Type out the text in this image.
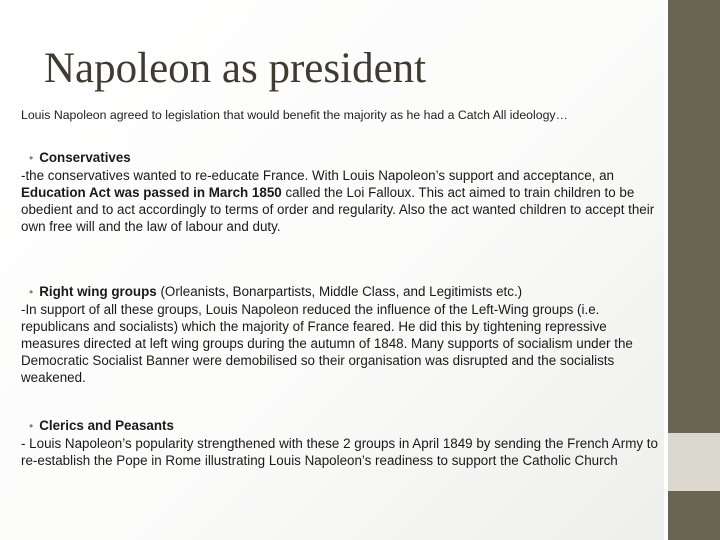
Napoleon as president

Louis Napoleon agreed to legislation that would benefit the majority as he had a Catch All ideology…

• Conservatives

-the conservatives wanted to re-educate France. With Louis Napoleon’s support and acceptance, an Education Act was passed in March 1850 called the Loi Falloux. This act aimed to train children to be obedient and to act accordingly to terms of order and regularity. Also the act wanted children to accept their own free will and the law of labour and duty.

• Right wing groups (Orleanists, Bonarpartists, Middle Class, and Legitimists etc.)

-In support of all these groups, Louis Napoleon reduced the influence of the Left-Wing groups (i.e. republicans and socialists) which the majority of France feared. He did this by tightening repressive measures directed at left wing groups during the autumn of 1848. Many supports of socialism under the Democratic Socialist Banner were demobilised so their organisation was disrupted and the socialists weakened.

• Clerics and Peasants

- Louis Napoleon’s popularity strengthened with these 2 groups in April 1849 by sending the French Army to re-establish the Pope in Rome illustrating Louis Napoleon’s readiness to support the Catholic Church
